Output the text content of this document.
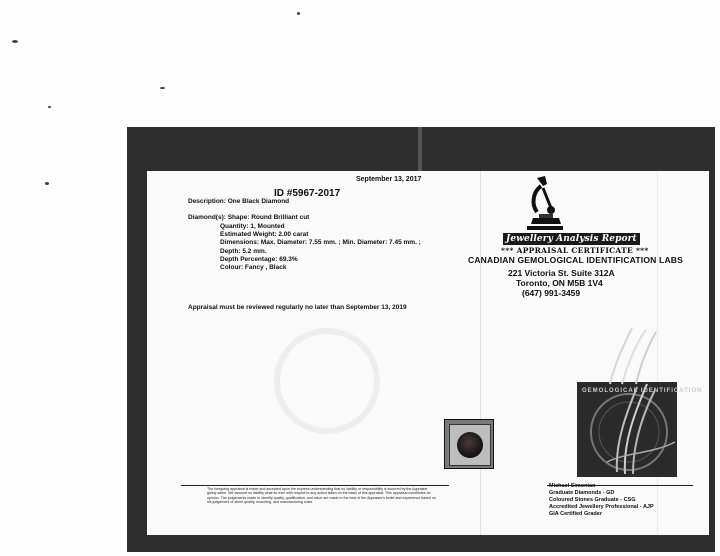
September 13, 2017
ID #5967-2017
Description: One Black Diamond
Diamond(s): Shape: Round Brilliant cut
Quantity: 1, Mounted
Estimated Weight: 2.00 carat
Dimensions: Max. Diameter: 7.55 mm. ; Min. Diameter: 7.45 mm. ;
Depth: 5.2 mm.
Depth Percentage: 69.3%
Colour: Fancy , Black
Appraisal must be reviewed regularly no later than September 13, 2019
Jewellery Analysis Report
*** APPRAISAL CERTIFICATE ***
CANADIAN GEMOLOGICAL IDENTIFICATION LABS
221 Victoria St. Suite 312A
Toronto, ON M5B 1V4
(647) 991-3459
GEMOLOGICAL IDENTIFICATION
The foregoing appraisal is made and accepted upon the express understanding that no liability or responsibility is incurred by the Appraiser giving same. We assume no liability what so ever with respect to any action taken on the basis of this appraisal. This appraisal constitutes an opinion. The judgements made to identify quality, qualification, and value are made to the best of the Appraiser's belief and experience based on his judgement of stone quality, mounting, and manufacturing costs.
Michael Simonian
Graduate Diamonds - GD
Coloured Stones Graduate - CSG
Accredited Jewellery Professional - AJP
GIA Certified Grader
